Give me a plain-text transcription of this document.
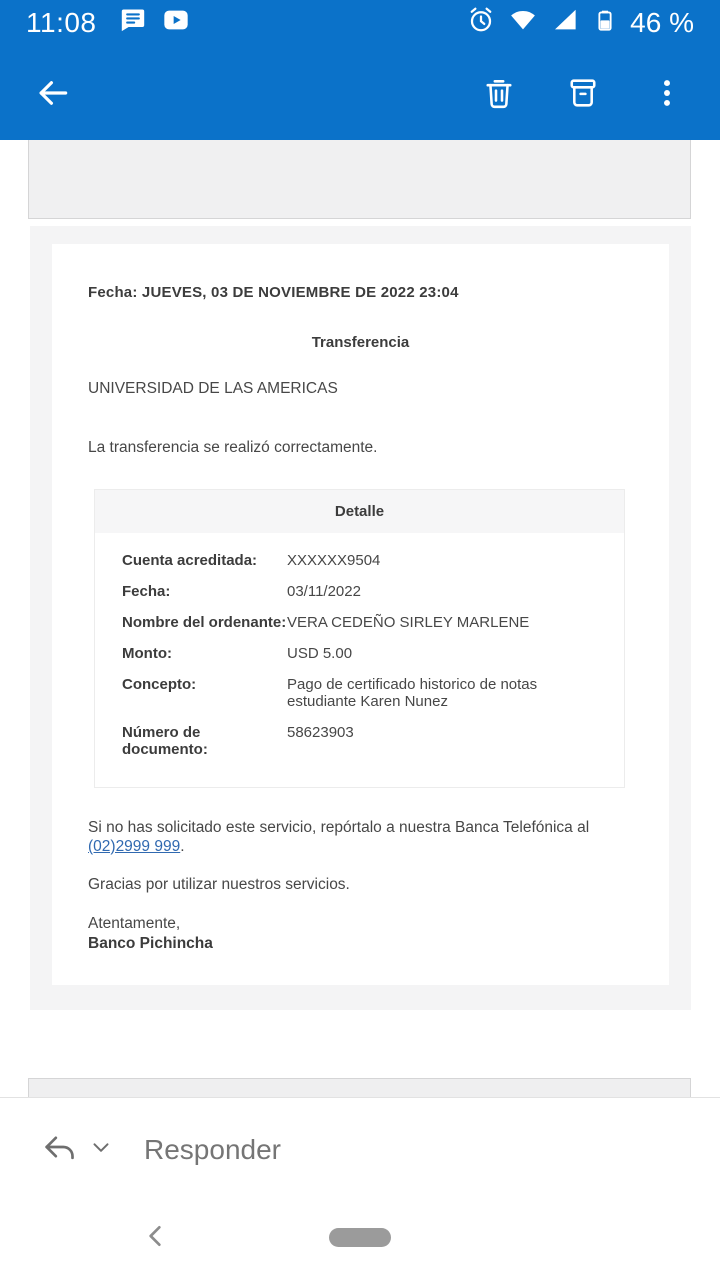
11:08	46 %
Fecha: JUEVES, 03 DE NOVIEMBRE DE 2022 23:04
Transferencia
UNIVERSIDAD DE LAS AMERICAS
La transferencia se realizó correctamente.
Detalle
Cuenta acreditada:	XXXXXX9504
Fecha:	03/11/2022
Nombre del ordenante: VERA CEDEÑO SIRLEY MARLENE
Monto:	USD 5.00
Concepto:	Pago de certificado historico de notas estudiante Karen Nunez
Número de documento:
58623903
Si no has solicitado este servicio, repórtalo a nuestra Banca Telefónica al (02)2999 999.
Gracias por utilizar nuestros servicios.
Atentamente,
Banco Pichincha
Responder
